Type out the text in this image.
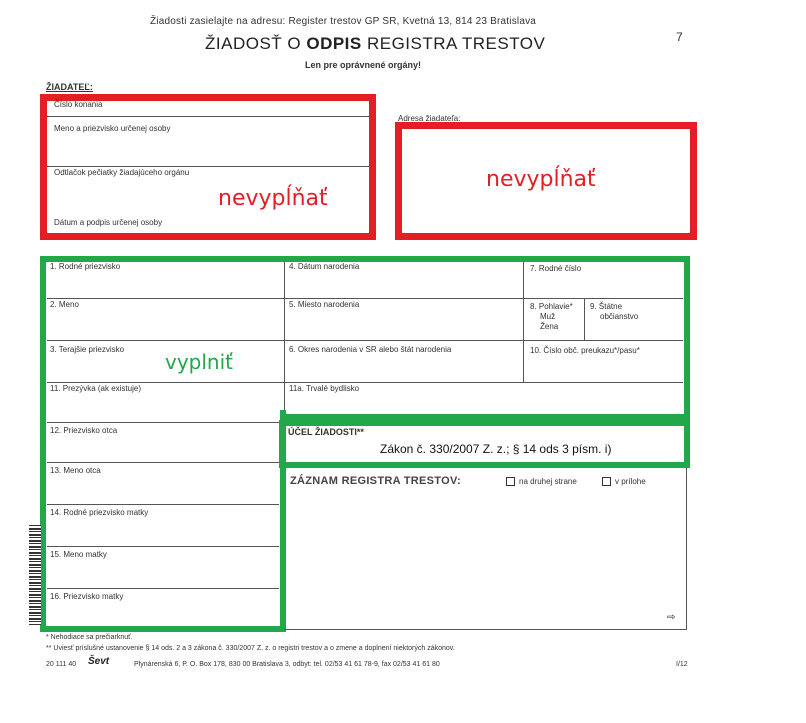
Žiadosti zasielajte na adresu: Register trestov GP SR, Kvetná 13, 814 23 Bratislava
ŽIADOSŤ O ODPIS REGISTRA TRESTOV
Len pre oprávnené orgány!
7
ŽIADATEĽ:
Číslo konania
Meno a priezvisko určenej osoby
Odtlačok pečiatky žiadajúceho orgánu
Dátum a podpis určenej osoby
nevypĺňať
Adresa žiadateľa:
nevypĺňať
1. Rodné priezvisko
2. Meno
3. Terajšie priezvisko
11. Prezývka (ak existuje)
4. Dátum narodenia
5. Miesto narodenia
6. Okres narodenia v SR alebo štát narodenia
11a. Trvalé bydlisko
7. Rodné číslo
8. Pohlavie*
Muž
Žena
9. Štátne
občianstvo
10. Číslo obč. preukazu*/pasu*
vyplniť
12. Priezvisko otca
13. Meno otca
14. Rodné priezvisko matky
15. Meno matky
16. Priezvisko matky
ÚČEL ŽIADOSTI**
Zákon č. 330/2007 Z. z.; § 14 ods 3 písm. i)
ZÁZNAM REGISTRA TRESTOV:	na druhej strane	v prílohe
⇨
* Nehodiace sa prečiarknuť.
** Uviesť príslušné ustanovenie § 14 ods. 2 a 3 zákona č. 330/2007 Z. z. o registri trestov a o zmene a doplnení niektorých zákonov.
20 111 40 Ševt	Plynárenská 6, P. O. Box 178, 830 00 Bratislava 3, odbyt: tel. 02/53 41 61 78-9, fax 02/53 41 61 80	I/12
